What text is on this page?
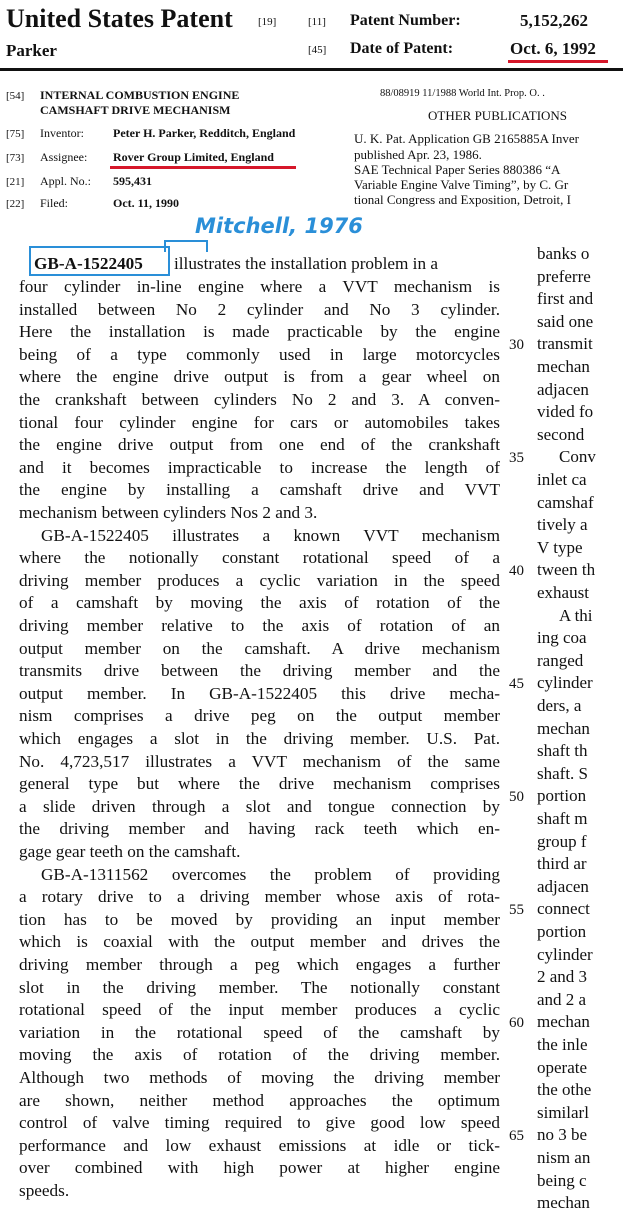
United States Patent [19]
Parker
[11] Patent Number:	5,152,262
[45] Date of Patent:	Oct. 6, 1992
[54] INTERNAL COMBUSTION ENGINE
CAMSHAFT DRIVE MECHANISM
[75] Inventor: Peter H. Parker, Redditch, England
[73] Assignee: Rover Group Limited, England
[21] Appl. No.: 595,431
[22] Filed:	Oct. 11, 1990
88/08919 11/1988 World Int. Prop. O. .
OTHER PUBLICATIONS
U. K. Pat. Application GB 2165885A Inver
published Apr. 23, 1986.
SAE Technical Paper Series 880386 “A
Variable Engine Valve Timing”, by C. Gr
tional Congress and Exposition, Detroit, I
Mitchell, 1976
GB-A-1522405 illustrates the installation problem in a
four cylinder in-line engine where a VVT mechanism is
installed between No 2 cylinder and No 3 cylinder.
Here the installation is made practicable by the engine
being of a type commonly used in large motorcycles
where the engine drive output is from a gear wheel on
the crankshaft between cylinders No 2 and 3. A conven-
tional four cylinder engine for cars or automobiles takes
the engine drive output from one end of the crankshaft
and it becomes impracticable to increase the length of
the engine by installing a camshaft drive and VVT
mechanism between cylinders Nos 2 and 3.
GB-A-1522405 illustrates a known VVT mechanism
where the notionally constant rotational speed of a
driving member produces a cyclic variation in the speed
of a camshaft by moving the axis of rotation of the
driving member relative to the axis of rotation of an
output member on the camshaft. A drive mechanism
transmits drive between the driving member and the
output member. In GB-A-1522405 this drive mecha-
nism comprises a drive peg on the output member
which engages a slot in the driving member. U.S. Pat.
No. 4,723,517 illustrates a VVT mechanism of the same
general type but where the drive mechanism comprises
a slide driven through a slot and tongue connection by
the driving member and having rack teeth which en-
gage gear teeth on the camshaft.
GB-A-1311562 overcomes the problem of providing
a rotary drive to a driving member whose axis of rota-
tion has to be moved by providing an input member
which is coaxial with the output member and drives the
driving member through a peg which engages a further
slot in the driving member. The notionally constant
rotational speed of the input member produces a cyclic
variation in the rotational speed of the camshaft by
moving the axis of rotation of the driving member.
Although two methods of moving the driving member
are shown, neither method approaches the optimum
control of valve timing required to give good low speed
performance and low exhaust emissions at idle or tick-
over combined with high power at higher engine
speeds.
30
35
40
45
50
55
60
65
banks o
preferre
first and
said one
transmit
mechan
adjacen
vided fo
second
Conv
inlet ca
camshaf
tively a
V type
tween th
exhaust
A thi
ing coa
ranged
cylinder
ders, a
mechan
shaft th
shaft. S
portion
shaft m
group f
third ar
adjacen
connect
portion
cylinder
2 and 3
and 2 a
mechan
the inle
operate
the othe
similarl
no 3 be
nism an
being c
mechan
